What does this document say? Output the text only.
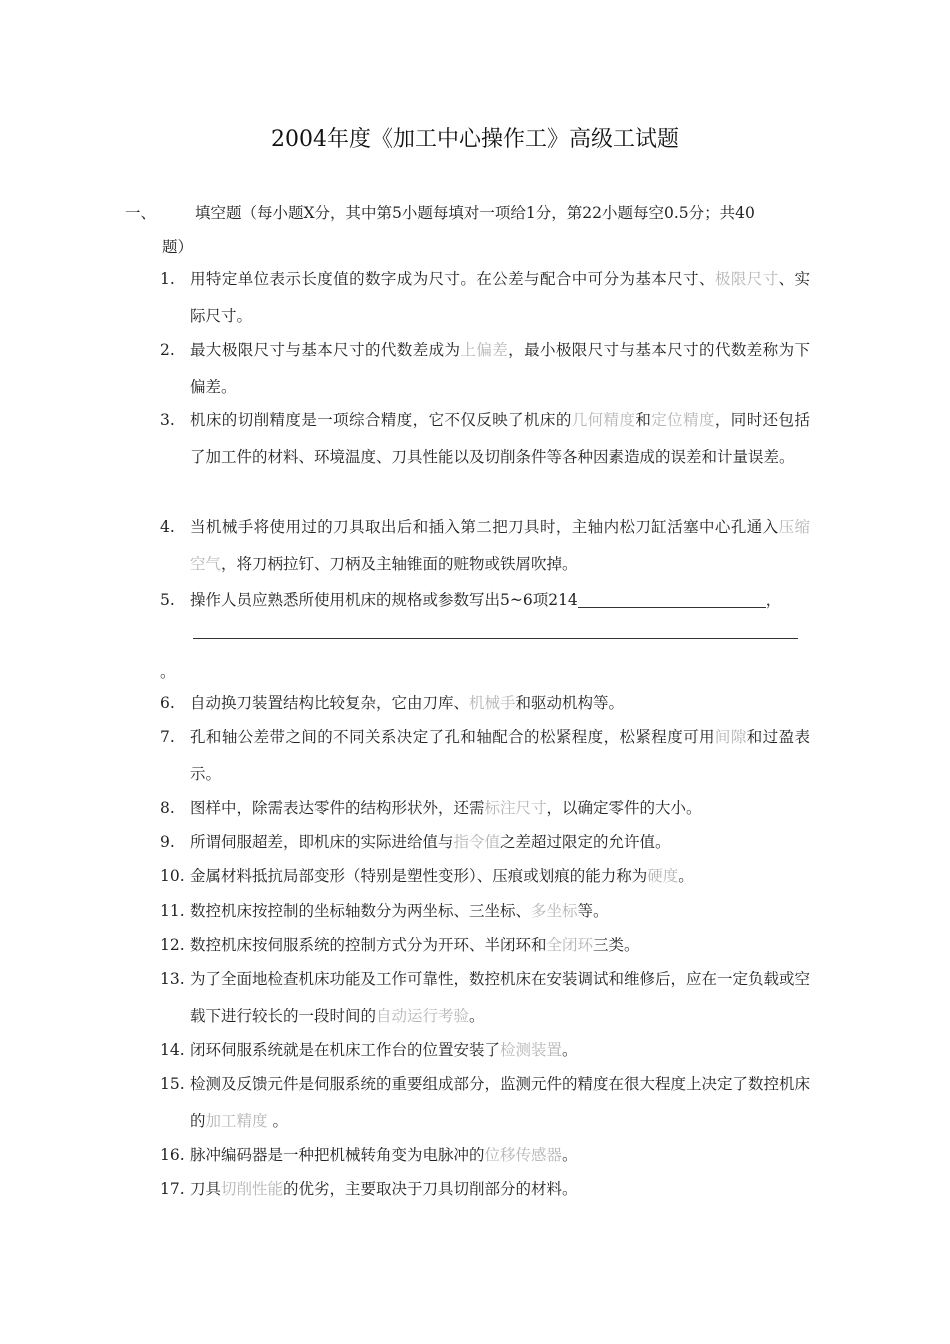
2004年度《加工中心操作工》高级工试题
一、	填空题（每小题X分，其中第5小题每填对一项给1分，第22小题每空0.5分；共40
题）
1. 用特定单位表示长度值的数字成为尺寸。在公差与配合中可分为基本尺寸、极限尺寸、实际尺寸。
2. 最大极限尺寸与基本尺寸的代数差成为上偏差，最小极限尺寸与基本尺寸的代数差称为下偏差。
3. 机床的切削精度是一项综合精度，它不仅反映了机床的几何精度和定位精度，同时还包括了加工件的材料、环境温度、刀具性能以及切削条件等各种因素造成的误差和计量误差。
4. 当机械手将使用过的刀具取出后和插入第二把刀具时，主轴内松刀缸活塞中心孔通入压缩空气，将刀柄拉钉、刀柄及主轴锥面的赃物或铁屑吹掉。
5. 操作人员应熟悉所使用机床的规格或参数写出5~6项214	，
。
6. 自动换刀装置结构比较复杂，它由刀库、机械手和驱动机构等。
7. 孔和轴公差带之间的不同关系决定了孔和轴配合的松紧程度，松紧程度可用间隙和过盈表示。
8. 图样中，除需表达零件的结构形状外，还需标注尺寸，以确定零件的大小。
9. 所谓伺服超差，即机床的实际进给值与指令值之差超过限定的允许值。
10. 金属材料抵抗局部变形（特别是塑性变形）、压痕或划痕的能力称为硬度。
11. 数控机床按控制的坐标轴数分为两坐标、三坐标、多坐标等。
12. 数控机床按伺服系统的控制方式分为开环、半闭环和全闭环三类。
13. 为了全面地检查机床功能及工作可靠性，数控机床在安装调试和维修后，应在一定负载或空载下进行较长的一段时间的自动运行考验。
14. 闭环伺服系统就是在机床工作台的位置安装了检测装置。
15. 检测及反馈元件是伺服系统的重要组成部分，监测元件的精度在很大程度上决定了数控机床的加工精度 。
16. 脉冲编码器是一种把机械转角变为电脉冲的位移传感器。
17. 刀具切削性能的优劣，主要取决于刀具切削部分的材料。
